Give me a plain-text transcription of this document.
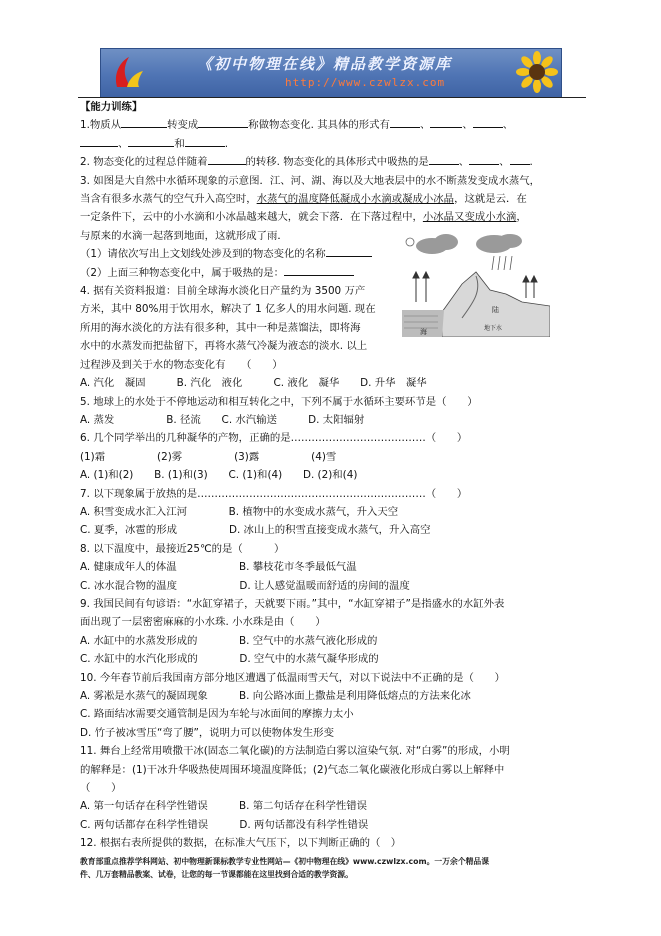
《初中物理在线》精品教学资源库
http://www.czwlzx.com

【能力训练】

1.物质从	转变成	称做物态变化. 其具体的形式有	、	、	、

、	和	.

2. 物态变化的过程总伴随着	的转移. 物态变化的具体形式中吸热的是	、	、 .

3. 如图是大自然中水循环现象的示意图．江、河、湖、海以及大地表层中的水不断蒸发变成水蒸气，

当含有很多水蒸气的空气升入高空时，水蒸气的温度降低凝成小水滴或凝成小冰晶，这就是云．在

一定条件下，云中的小水滴和小冰晶越来越大，就会下落．在下落过程中，小冰晶又变成小水滴，

与原来的水滴一起落到地面，这就形成了雨．

（1）请依次写出上文划线处涉及到的物态变化的名称

（2）上面三种物态变化中，属于吸热的是：

4. 据有关资料报道：目前全球海水淡化日产量约为 3500 万产

方米，其中 80%用于饮用水，解决了 1 亿多人的用水问题. 现在

所用的海水淡化的方法有很多种，其中一种是蒸馏法，即将海

水中的水蒸发而把盐留下，再将水蒸气冷凝为液态的淡水. 以上

过程涉及到关于水的物态变化有　　（　　）

A. 汽化　凝固　　　B. 汽化　液化　　　C. 液化　凝华　　D. 升华　凝华

5. 地球上的水处于不停地运动和相互转化之中，下列不属于水循环主要环节是（　　）

A. 蒸发　　　　　B. 径流　　C. 水汽输送　　　D. 太阳辐射

6. 几个同学举出的几种凝华的产物，正确的是…………………………………（　　）

(1)霜　　　　　(2)雾　　　　　(3)露　　　　　(4)雪

A. (1)和(2)　　B. (1)和(3)　　C. (1)和(4)　　D. (2)和(4)

7. 以下现象属于放热的是…………………………………………………………（　　）

A. 积雪变成水汇入江河　　　　B. 植物中的水变成水蒸气，升入天空

C. 夏季，冰雹的形成　　　　　D. 冰山上的积雪直接变成水蒸气，升入高空

8. 以下温度中，最接近25℃的是（　　　）

A. 健康成年人的体温　　　　　　B. 攀枝花市冬季最低气温

C. 冰水混合物的温度　　　　　　D. 让人感觉温暖而舒适的房间的温度

9. 我国民间有句谚语：“水缸穿裙子，天就要下雨。”其中，“水缸穿裙子”是指盛水的水缸外表

面出现了一层密密麻麻的小水珠. 小水珠是由（　　）

A. 水缸中的水蒸发形成的　　　　B. 空气中的水蒸气液化形成的

C. 水缸中的水汽化形成的　　　　D. 空气中的水蒸气凝华形成的

10. 今年春节前后我国南方部分地区遭遇了低温雨雪天气，对以下说法中不正确的是（　　）

A. 雾凇是水蒸气的凝固现象　　　B. 向公路冰面上撒盐是利用降低熔点的方法来化冰

C. 路面结冰需要交通管制是因为车轮与冰面间的摩擦力太小

D. 竹子被冰雪压“弯了腰”，说明力可以使物体发生形变

11. 舞台上经常用喷撒干冰(固态二氧化碳)的方法制造白雾以渲染气氛. 对“白雾”的形成，小明

的解释是：(1)干冰升华吸热使周围环境温度降低；(2)气态二氧化碳液化形成白雾以上解释中

（　　）

A. 第一句话存在科学性错误　　　B. 第二句话存在科学性错误

C. 两句话都存在科学性错误　　　D. 两句话都没有科学性错误

12. 根据右表所提供的数据，在标准大气压下，以下判断正确的（　）

海
陆
地下水
教育部重点推荐学科网站、初中物理新课标教学专业性网站—《初中物理在线》www.czwlzx.com。一万余个精品课
件、几万套精品教案、试卷，让您的每一节课都能在这里找到合适的教学资源。
